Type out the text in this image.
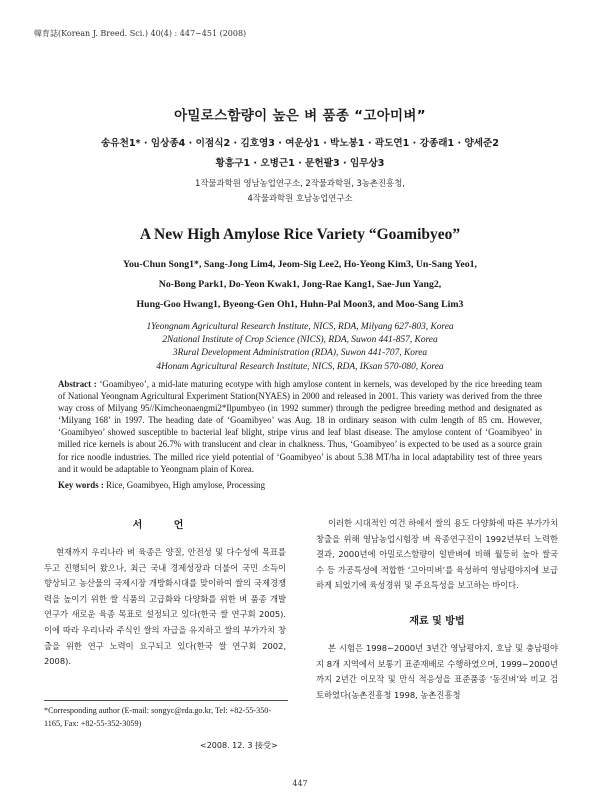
韓育誌(Korean J. Breed. Sci.) 40(4) : 447∼451 (2008)
아밀로스함량이 높은 벼 품종 “고아미벼”
송유천1* · 임상종4 · 이점식2 · 김호영3 · 여운상1 · 박노봉1 · 곽도연1 · 강종래1 · 양세준2
황흥구1 · 오병근1 · 문헌팔3 · 임무상3
1작물과학원 영남농업연구소, 2작물과학원, 3농촌진흥청,
4작물과학원 호남농업연구소
A New High Amylose Rice Variety “Goamibyeo”
You-Chun Song1*, Sang-Jong Lim4, Jeom-Sig Lee2, Ho-Yeong Kim3, Un-Sang Yeo1,
No-Bong Park1, Do-Yeon Kwak1, Jong-Rae Kang1, Sae-Jun Yang2,
Hung-Goo Hwang1, Byeong-Gen Oh1, Huhn-Pal Moon3, and Moo-Sang Lim3
1Yeongnam Agricultural Research Institute, NICS, RDA, Milyang 627-803, Korea
2National Institute of Crop Science (NICS), RDA, Suwon 441-857, Korea
3Rural Development Administration (RDA), Suwon 441-707, Korea
4Honam Agricultural Research Institute, NICS, RDA, IKsan 570-080, Korea
Abstract : ‘Goamibyeo’, a mid-late maturing ecotype with high amylose content in kernels, was developed by the rice breeding team of National Yeongnam Agricultural Experiment Station(NYAES) in 2000 and released in 2001. This variety was derived from the three way cross of Milyang 95//Kimcheonaengmi2*Ilpumbyeo (in 1992 summer) through the pedigree breeding method and designated as ‘Milyang 168’ in 1997. The heading date of ‘Goamibyeo’ was Aug. 18 in ordinary season with culm length of 85 cm. However, ‘Goamibyeo’ showed susceptible to bacterial leaf blight, stripe virus and leaf blast disease. The amylose content of ‘Goamibyeo’ in milled rice kernels is about 26.7% with translucent and clear in chalkness. Thus, ‘Goamibyeo’ is expected to be used as a source grain for rice noodle industries. The milled rice yield potential of ‘Goamibyeo’ is about 5.38 MT/ha in local adaptability test of three years and it would be adaptable to Yeongnam plain of Korea.
Key words : Rice, Goamibyeo, High amylose, Processing
서 언

현재까지 우리나라 벼 육종은 양질, 안전성 및 다수성에 목표를 두고 진행되어 왔으나, 최근 국내 경제성장과 더불어 국민 소득이 향상되고 농산물의 국제시장 개방화시대를 맞이하여 쌀의 국제경쟁력을 높이기 위한 쌀 식품의 고급화와 다양화를 위한 벼 품종 개발 연구가 새로운 육종 목표로 설정되고 있다(한국 쌀 연구회 2005). 이에 따라 우리나라 주식인 쌀의 자급을 유지하고 쌀의 부가가치 창출을 위한 연구 노력이 요구되고 있다(한국 쌀 연구회 2002, 2008).

이러한 시대적인 여건 하에서 쌀의 용도 다양화에 따른 부가가치 창출을 위해 영남농업시험장 벼 육종연구진이 1992년부터 노력한 결과, 2000년에 아밀로스함량이 일반벼에 비해 월등히 높아 쌀국수 등 가공특성에 적합한 ‘고아미벼’를 육성하여 영남평야지에 보급하게 되었기에 육성경위 및 주요특성을 보고하는 바이다.

재료 및 방법

본 시험은 1998∼2000년 3년간 영남평야지, 호남 및 충남평야지 8개 지역에서 보통기 표준재배로 수행하였으며, 1999∼2000년 까지 2년간 이모작 및 만식 적응성을 표준품종 ‘동진벼’와 비교 검토하였다(농촌진흥청 1998, 농촌진흥청

*Corresponding author (E-mail: songyc@rda.go.kr, Tel: +82-55-350-1165, Fax: +82-55-352-3059)
<2008. 12. 3 接受>
447
